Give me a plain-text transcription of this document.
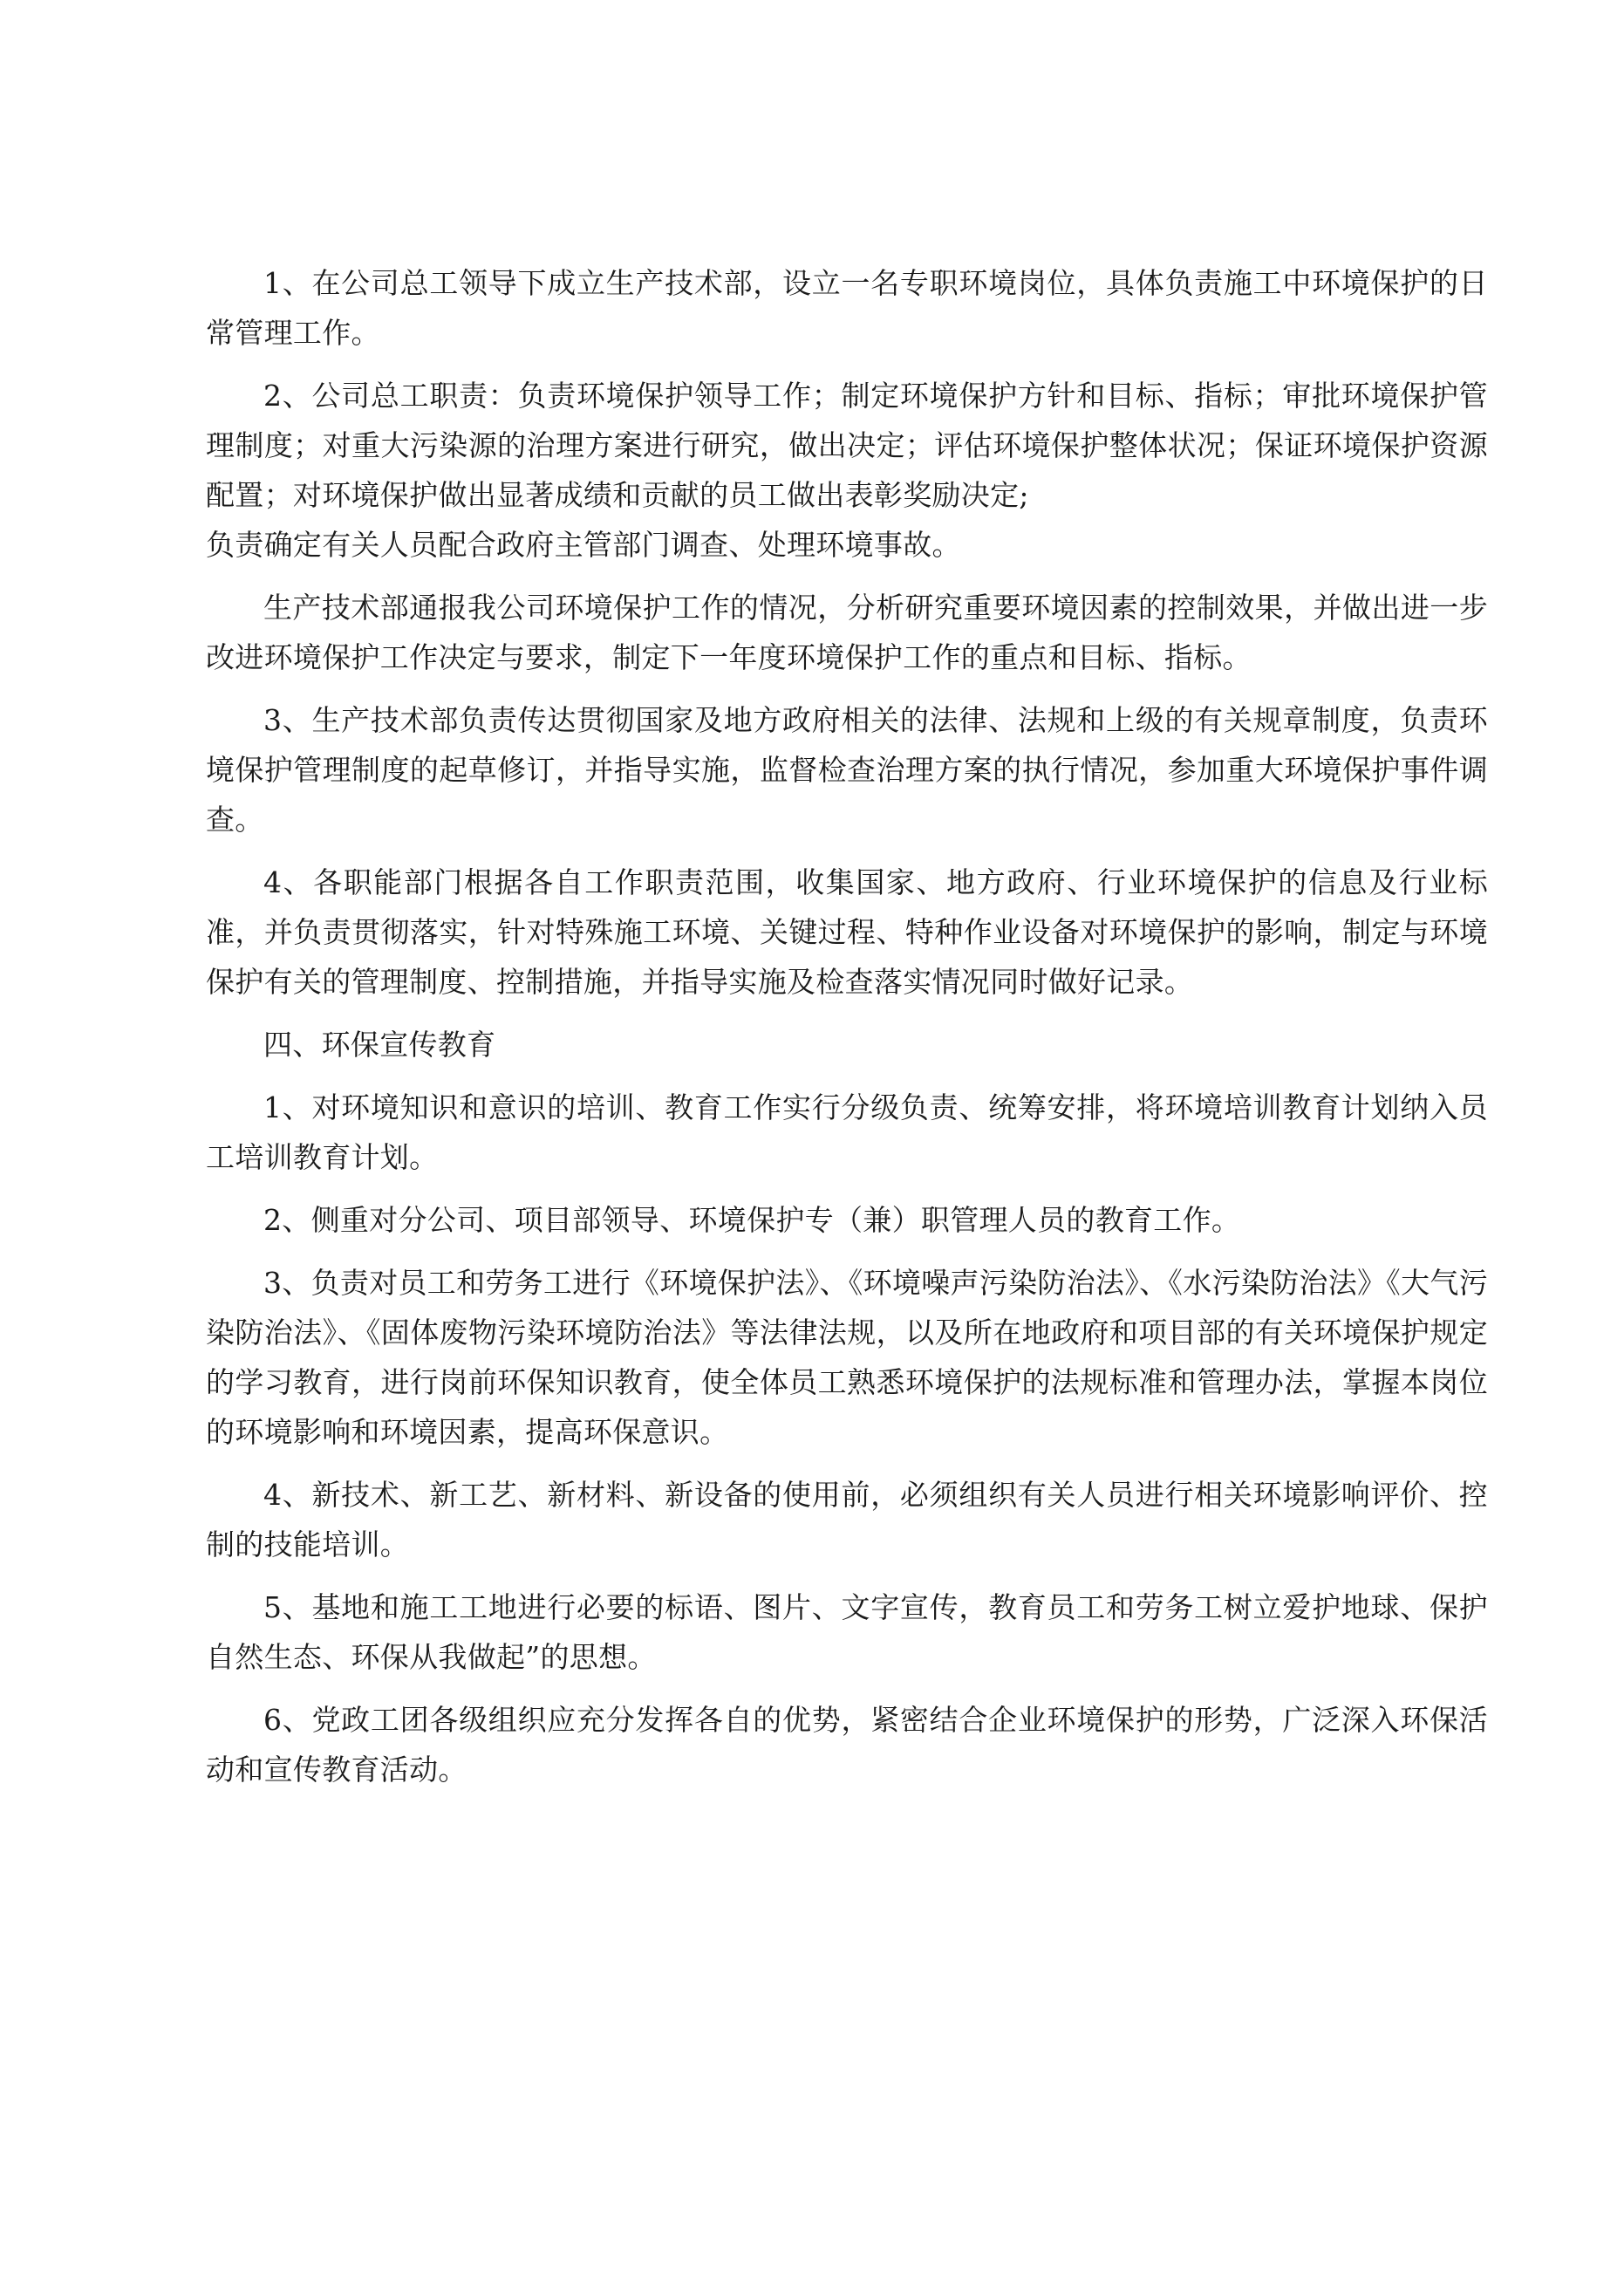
1、在公司总工领导下成立生产技术部，设立一名专职环境岗位，具体负责施工中环境保护的日常管理工作。

2、公司总工职责：负责环境保护领导工作；制定环境保护方针和目标、指标；审批环境保护管理制度；对重大污染源的治理方案进行研究，做出决定；评估环境保护整体状况；保证环境保护资源配置；对环境保护做出显著成绩和贡献的员工做出表彰奖励决定;

负责确定有关人员配合政府主管部门调查、处理环境事故。

生产技术部通报我公司环境保护工作的情况，分析研究重要环境因素的控制效果，并做出进一步改进环境保护工作决定与要求，制定下一年度环境保护工作的重点和目标、指标。

3、生产技术部负责传达贯彻国家及地方政府相关的法律、法规和上级的有关规章制度，负责环境保护管理制度的起草修订，并指导实施，监督检查治理方案的执行情况，参加重大环境保护事件调查。

4、各职能部门根据各自工作职责范围，收集国家、地方政府、行业环境保护的信息及行业标准，并负责贯彻落实，针对特殊施工环境、关键过程、特种作业设备对环境保护的影响，制定与环境保护有关的管理制度、控制措施，并指导实施及检查落实情况同时做好记录。

四、环保宣传教育

1、对环境知识和意识的培训、教育工作实行分级负责、统筹安排，将环境培训教育计划纳入员工培训教育计划。

2、侧重对分公司、项目部领导、环境保护专（兼）职管理人员的教育工作。

3、负责对员工和劳务工进行《环境保护法》、《环境噪声污染防治法》、《水污染防治法》《大气污染防治法》、《固体废物污染环境防治法》等法律法规，以及所在地政府和项目部的有关环境保护规定的学习教育，进行岗前环保知识教育，使全体员工熟悉环境保护的法规标准和管理办法，掌握本岗位的环境影响和环境因素，提高环保意识。

4、新技术、新工艺、新材料、新设备的使用前，必须组织有关人员进行相关环境影响评价、控制的技能培训。

5、基地和施工工地进行必要的标语、图片、文字宣传，教育员工和劳务工树立爱护地球、保护自然生态、环保从我做起”的思想。

6、党政工团各级组织应充分发挥各自的优势，紧密结合企业环境保护的形势，广泛深入环保活动和宣传教育活动。
